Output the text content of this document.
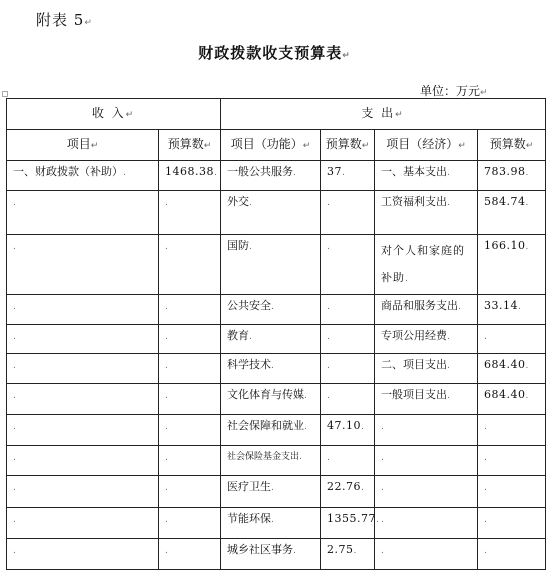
附表 5↵
财政拨款收支预算表↵
单位：万元↵
收 入↵		支 出↵			
项目↵	预算数↵	项目（功能）↵	预算数↵	项目（经济）↵	预算数↵
一、财政拨款（补助）.	1468.38.	一般公共服务.	37.	一、基本支出.	783.98.
.	.	外交.	.	工资福利支出.	584.74.
.	.	国防.	.	对个人和家庭的补助.	166.10.
.	.	公共安全.	.	商品和服务支出.	33.14.
.	.	教育.	.	专项公用经费.	.
.	.	科学技术.	.	二、项目支出.	684.40.
.	.	文化体育与传媒.	.	一般项目支出.	684.40.
.	.	社会保障和就业.	47.10.	.	.
.	.	社会保险基金支出.	.	.	.
.	.	医疗卫生.	22.76.	.	.
.	.	节能环保.	1355.77.	.	.
.	.	城乡社区事务.	2.75.	.	.
